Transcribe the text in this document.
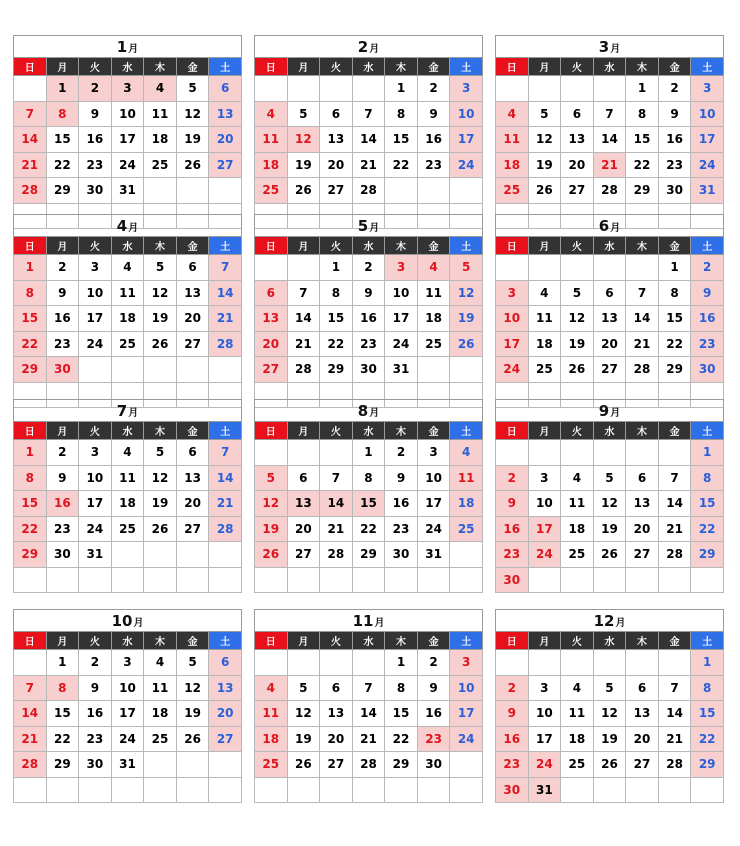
1月
日	月	火	水	木	金	土
	1	2	3	4	5	6
7	8	9	10	11	12	13
14	15	16	17	18	19	20
21	22	23	24	25	26	27
28	29	30	31			

2月
日	月	火	水	木	金	土
				1	2	3
4	5	6	7	8	9	10
11	12	13	14	15	16	17
18	19	20	21	22	23	24
25	26	27	28			

3月
日	月	火	水	木	金	土
				1	2	3
4	5	6	7	8	9	10
11	12	13	14	15	16	17
18	19	20	21	22	23	24
25	26	27	28	29	30	31

4月
日	月	火	水	木	金	土
1	2	3	4	5	6	7
8	9	10	11	12	13	14
15	16	17	18	19	20	21
22	23	24	25	26	27	28
29	30					

5月
日	月	火	水	木	金	土
		1	2	3	4	5
6	7	8	9	10	11	12
13	14	15	16	17	18	19
20	21	22	23	24	25	26
27	28	29	30	31		

6月
日	月	火	水	木	金	土
					1	2
3	4	5	6	7	8	9
10	11	12	13	14	15	16
17	18	19	20	21	22	23
24	25	26	27	28	29	30

7月
日	月	火	水	木	金	土
1	2	3	4	5	6	7
8	9	10	11	12	13	14
15	16	17	18	19	20	21
22	23	24	25	26	27	28
29	30	31				

8月
日	月	火	水	木	金	土
			1	2	3	4
5	6	7	8	9	10	11
12	13	14	15	16	17	18
19	20	21	22	23	24	25
26	27	28	29	30	31	

9月
日	月	火	水	木	金	土
						1
2	3	4	5	6	7	8
9	10	11	12	13	14	15
16	17	18	19	20	21	22
23	24	25	26	27	28	29
30						
10月
日	月	火	水	木	金	土
	1	2	3	4	5	6
7	8	9	10	11	12	13
14	15	16	17	18	19	20
21	22	23	24	25	26	27
28	29	30	31			

11月
日	月	火	水	木	金	土
				1	2	3
4	5	6	7	8	9	10
11	12	13	14	15	16	17
18	19	20	21	22	23	24
25	26	27	28	29	30	

12月
日	月	火	水	木	金	土
						1
2	3	4	5	6	7	8
9	10	11	12	13	14	15
16	17	18	19	20	21	22
23	24	25	26	27	28	29
30	31					
